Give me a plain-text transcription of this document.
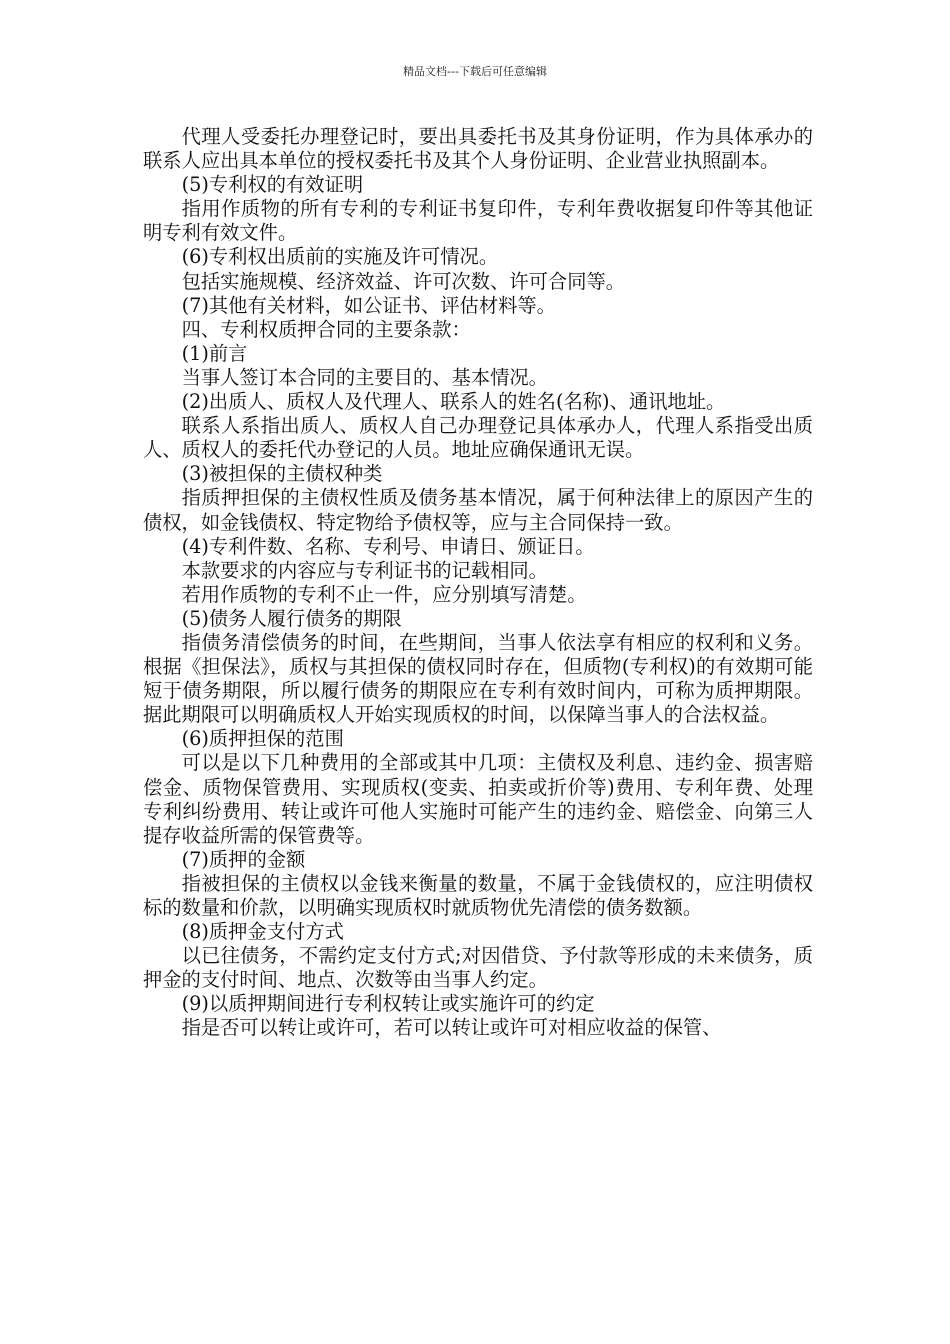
精品文档---下载后可任意编辑

代理人受委托办理登记时，要出具委托书及其身份证明，作为具体承办的联系人应出具本单位的授权委托书及其个人身份证明、企业营业执照副本。

(5)专利权的有效证明

指用作质物的所有专利的专利证书复印件，专利年费收据复印件等其他证明专利有效文件。

(6)专利权出质前的实施及许可情况。

包括实施规模、经济效益、许可次数、许可合同等。

(7)其他有关材料，如公证书、评估材料等。

四、专利权质押合同的主要条款：

(1)前言

当事人签订本合同的主要目的、基本情况。

(2)出质人、质权人及代理人、联系人的姓名(名称)、通讯地址。

联系人系指出质人、质权人自己办理登记具体承办人，代理人系指受出质人、质权人的委托代办登记的人员。地址应确保通讯无误。

(3)被担保的主债权种类

指质押担保的主债权性质及债务基本情况，属于何种法律上的原因产生的债权，如金钱债权、特定物给予债权等，应与主合同保持一致。

(4)专利件数、名称、专利号、申请日、颁证日。

本款要求的内容应与专利证书的记载相同。

若用作质物的专利不止一件，应分别填写清楚。

(5)债务人履行债务的期限

指债务清偿债务的时间，在些期间，当事人依法享有相应的权利和义务。根据《担保法》，质权与其担保的债权同时存在，但质物(专利权)的有效期可能短于债务期限，所以履行债务的期限应在专利有效时间内，可称为质押期限。据此期限可以明确质权人开始实现质权的时间，以保障当事人的合法权益。

(6)质押担保的范围

可以是以下几种费用的全部或其中几项：主债权及利息、违约金、损害赔偿金、质物保管费用、实现质权(变卖、拍卖或折价等)费用、专利年费、处理专利纠纷费用、转让或许可他人实施时可能产生的违约金、赔偿金、向第三人提存收益所需的保管费等。

(7)质押的金额

指被担保的主债权以金钱来衡量的数量，不属于金钱债权的，应注明债权标的数量和价款，以明确实现质权时就质物优先清偿的债务数额。

(8)质押金支付方式

以已往债务，不需约定支付方式;对因借贷、予付款等形成的未来债务，质押金的支付时间、地点、次数等由当事人约定。

(9)以质押期间进行专利权转让或实施许可的约定

指是否可以转让或许可，若可以转让或许可对相应收益的保管、
